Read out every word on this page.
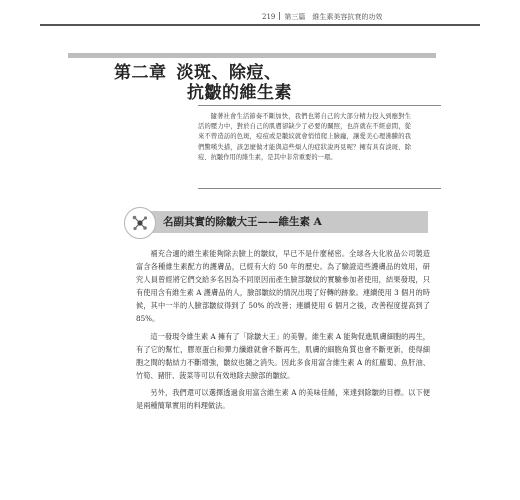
219 第三篇　維生素美容抗衰的功效
第二章 淡斑、除痘、
抗皺的維生素

隨著社會生活節奏不斷加快，我們也將自己的大部分精力投入到應對生活的壓力中，對於自己的肌膚卻缺少了必要的關照，也許就在不經意間，從來不曾造訪的色斑，痘痘或是皺紋就會悄悄爬上臉龐，讓愛美心理沸騰的我們驚嘆失措，該怎麼做才能與這些煩人的症狀說再見呢？擁有具有淡斑、除痘、抗皺作用的維生素，是其中非常重要的一環。

名副其實的除皺大王——維生素 A

補充合適的維生素能夠除去臉上的皺紋，早已不是什麼秘密。全球各大化妝品公司製造富含各種維生素配方的護膚品，已經有大約 50 年的歷史。為了驗證這些護膚品的效用，研究人員曾經將它們交給多名因為不同原因而產生臉部皺紋的實驗參加者使用，結果發現，只有使用含有維生素 A 護膚品的人，臉部皺紋的情況出現了好轉的跡象。連續使用 3 個月的時候，其中一半的人臉部皺紋得到了 50% 的改善；連續使用 6 個月之後，改善程度提高到了 85%。

這一發現令維生素 A 擁有了「除皺大王」的美譽。維生素 A 能夠促進肌膚細胞的再生，有了它的幫忙，膠原蛋白和彈力纖維就會不斷再生，肌膚的細胞角質也會不斷更新，使得細胞之間的黏結力不斷增強，皺紋也隨之消失。因此多食用富含維生素 A 的紅蘿蔔、魚肝油、竹筍、豬肝、菠菜等可以有效地除去臉部的皺紋。

另外，我們還可以選擇透過食用富含維生素 A 的美味佳餚，來達到除皺的目標。以下便是兩種簡單實用的料理做法。
